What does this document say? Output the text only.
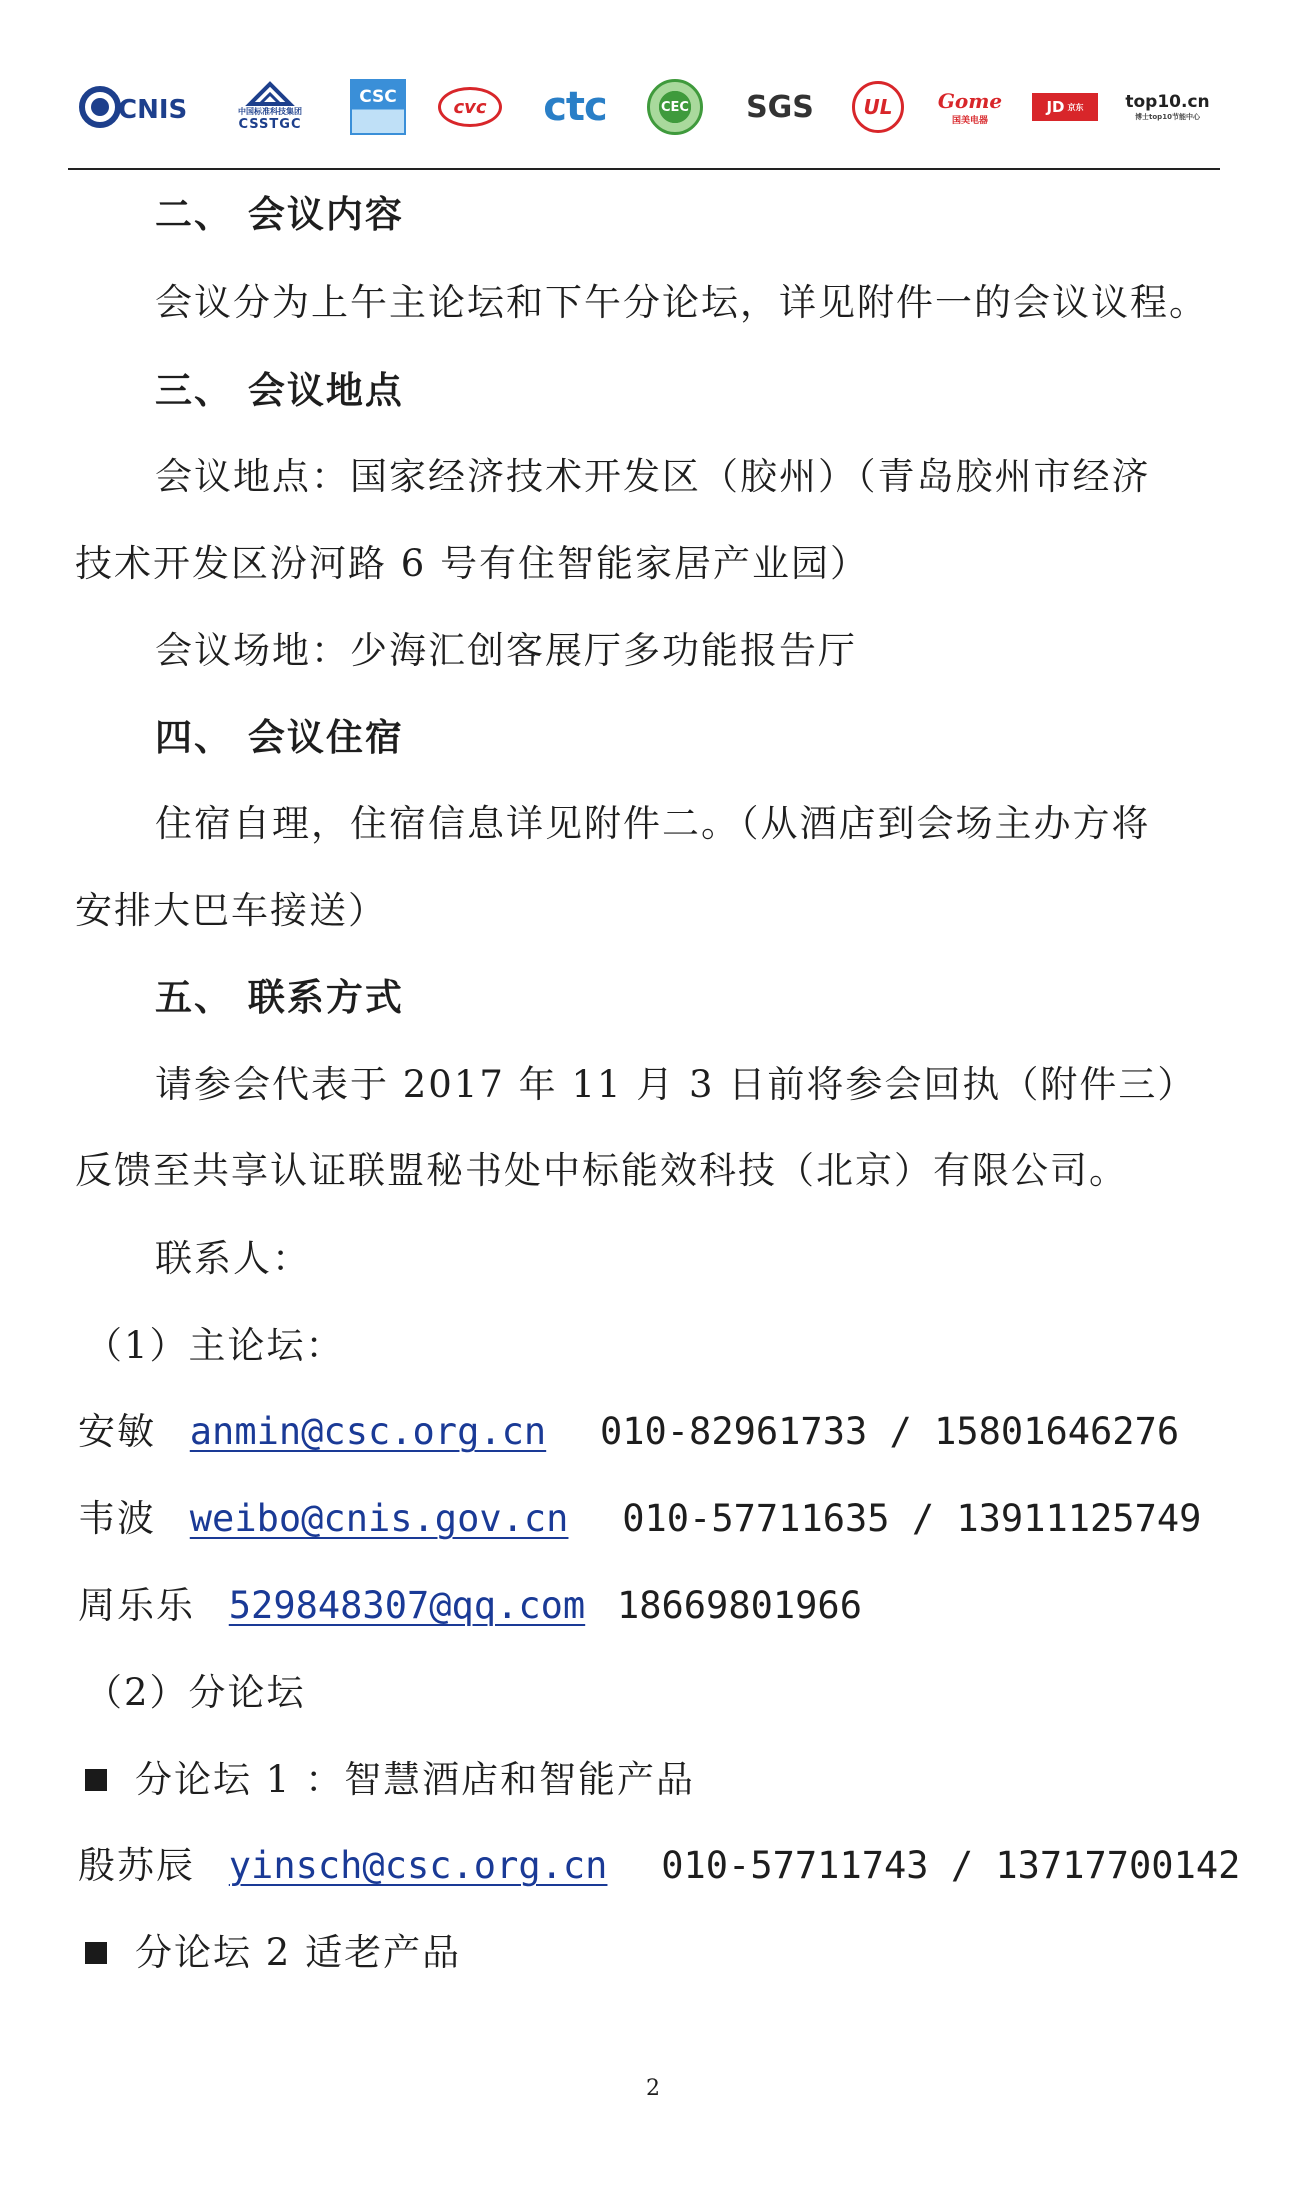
CNIS	中国标准科技集团
CSSTGC
CSC	cvc ctc	CEC SGS UL Gome
国美电器
JD 京东 top10.cn
博士top10节能中心
二、 会议内容
会议分为上午主论坛和下午分论坛，详见附件一的会议议程。
三、 会议地点
会议地点：国家经济技术开发区（胶州）（青岛胶州市经济
技术开发区汾河路 6 号有住智能家居产业园）
会议场地：少海汇创客展厅多功能报告厅
四、 会议住宿
住宿自理，住宿信息详见附件二。（从酒店到会场主办方将
安排大巴车接送）
五、 联系方式
请参会代表于 2017 年 11 月 3 日前将参会回执（附件三）
反馈至共享认证联盟秘书处中标能效科技（北京）有限公司。
联系人：
（1）主论坛：
安敏 anmin@csc.org.cn 010-82961733 / 15801646276
韦波 weibo@cnis.gov.cn 010-57711635 / 13911125749
周乐乐 529848307@qq.com 18669801966
（2）分论坛
分论坛 1 ：智慧酒店和智能产品
殷苏辰 yinsch@csc.org.cn 010-57711743 / 13717700142
分论坛 2 适老产品
2
